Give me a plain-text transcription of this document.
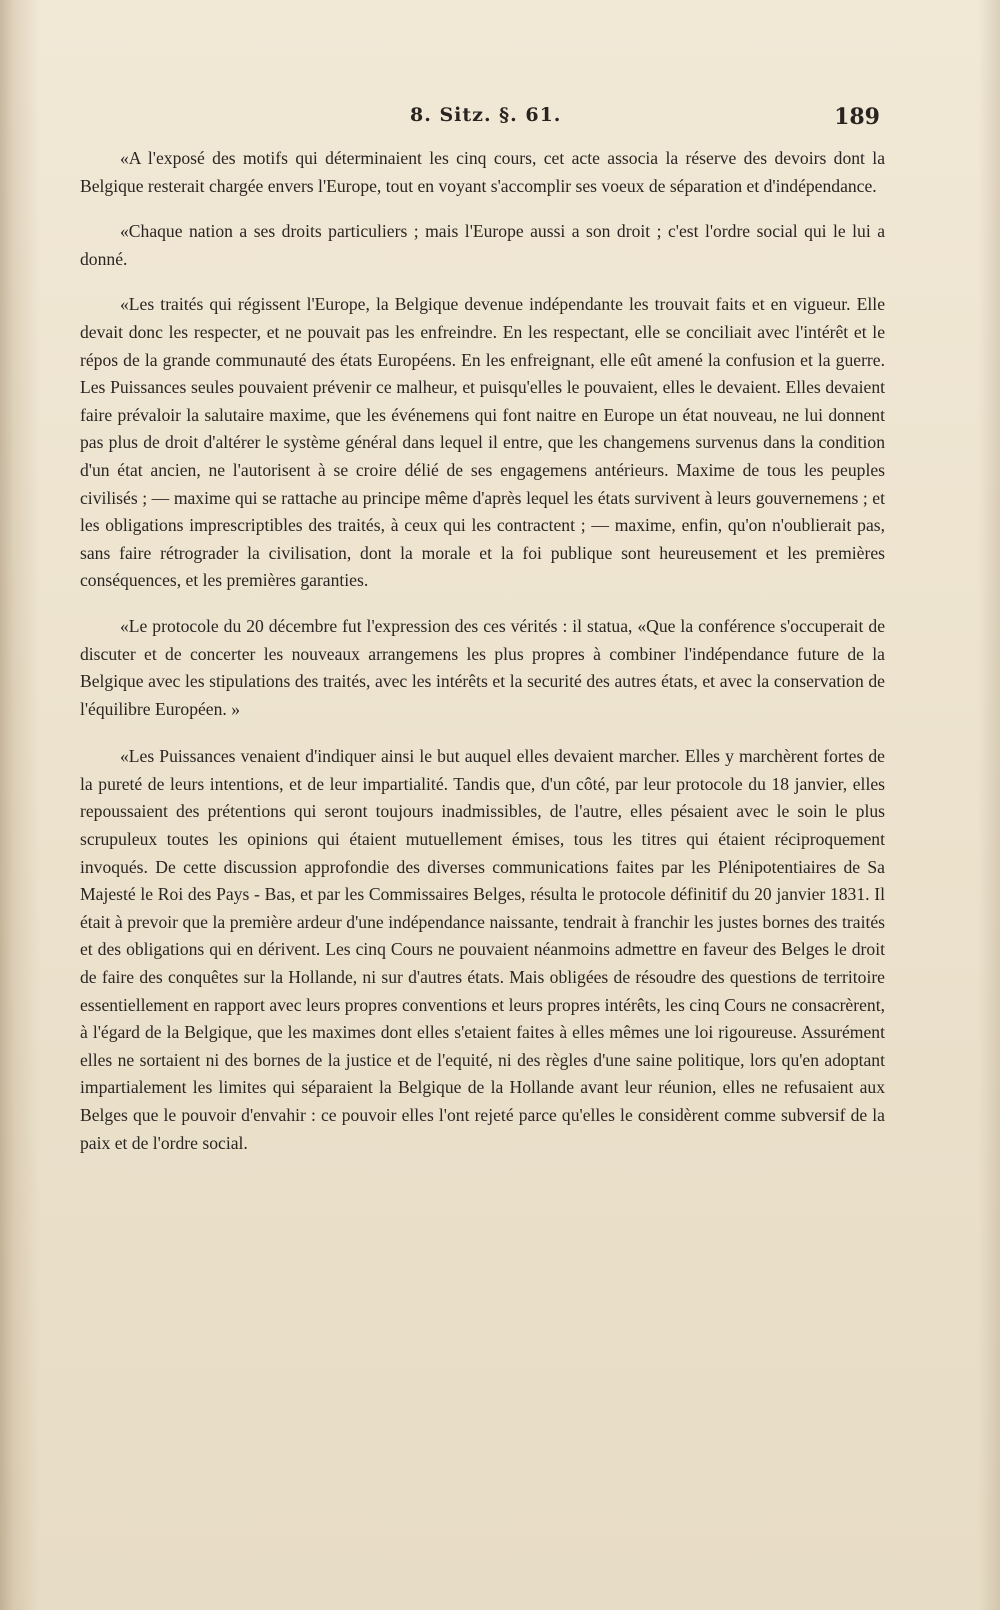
8. Sitz. §. 61.	189

«A l'exposé des motifs qui déterminaient les cinq cours, cet acte associa la réserve des devoirs dont la Belgique resterait chargée envers l'Europe, tout en voyant s'accomplir ses voeux de séparation et d'indépendance.

«Chaque nation a ses droits particuliers ; mais l'Europe aussi a son droit ; c'est l'ordre social qui le lui a donné.

«Les traités qui régissent l'Europe, la Belgique devenue indépendante les trouvait faits et en vigueur. Elle devait donc les respecter, et ne pouvait pas les enfreindre. En les respectant, elle se conciliait avec l'intérêt et le répos de la grande communauté des états Européens. En les enfreignant, elle eût amené la confusion et la guerre. Les Puissances seules pouvaient prévenir ce malheur, et puisqu'elles le pouvaient, elles le devaient. Elles devaient faire prévaloir la salutaire maxime, que les événemens qui font naitre en Europe un état nouveau, ne lui donnent pas plus de droit d'altérer le système général dans lequel il entre, que les changemens survenus dans la condition d'un état ancien, ne l'autorisent à se croire délié de ses engagemens antérieurs. Maxime de tous les peuples civilisés ; — maxime qui se rattache au principe même d'après lequel les états survivent à leurs gouvernemens ; et les obligations imprescriptibles des traités, à ceux qui les contractent ; — maxime, enfin, qu'on n'oublierait pas, sans faire rétrograder la civilisation, dont la morale et la foi publique sont heureusement et les premières conséquences, et les premières garanties.

«Le protocole du 20 décembre fut l'expression des ces vérités : il statua, «Que la conférence s'occuperait de discuter et de concerter les nouveaux arrangemens les plus propres à combiner l'indépendance future de la Belgique avec les stipulations des traités, avec les intérêts et la securité des autres états, et avec la conservation de l'équilibre Européen. »

«Les Puissances venaient d'indiquer ainsi le but auquel elles devaient marcher. Elles y marchèrent fortes de la pureté de leurs intentions, et de leur impartialité. Tandis que, d'un côté, par leur protocole du 18 janvier, elles repoussaient des prétentions qui seront toujours inadmissibles, de l'autre, elles pésaient avec le soin le plus scrupuleux toutes les opinions qui étaient mutuellement émises, tous les titres qui étaient réciproquement invoqués. De cette discussion approfondie des diverses communications faites par les Plénipotentiaires de Sa Majesté le Roi des Pays - Bas, et par les Commissaires Belges, résulta le protocole définitif du 20 janvier 1831. Il était à prevoir que la première ardeur d'une indépendance naissante, tendrait à franchir les justes bornes des traités et des obligations qui en dérivent. Les cinq Cours ne pouvaient néanmoins admettre en faveur des Belges le droit de faire des conquêtes sur la Hollande, ni sur d'autres états. Mais obligées de résoudre des questions de territoire essentiellement en rapport avec leurs propres conventions et leurs propres intérêts, les cinq Cours ne consacrèrent, à l'égard de la Belgique, que les maximes dont elles s'etaient faites à elles mêmes une loi rigoureuse. Assurément elles ne sortaient ni des bornes de la justice et de l'equité, ni des règles d'une saine politique, lors qu'en adoptant impartialement les limites qui séparaient la Belgique de la Hollande avant leur réunion, elles ne refusaient aux Belges que le pouvoir d'envahir : ce pouvoir elles l'ont rejeté parce qu'elles le considèrent comme subversif de la paix et de l'ordre social.
